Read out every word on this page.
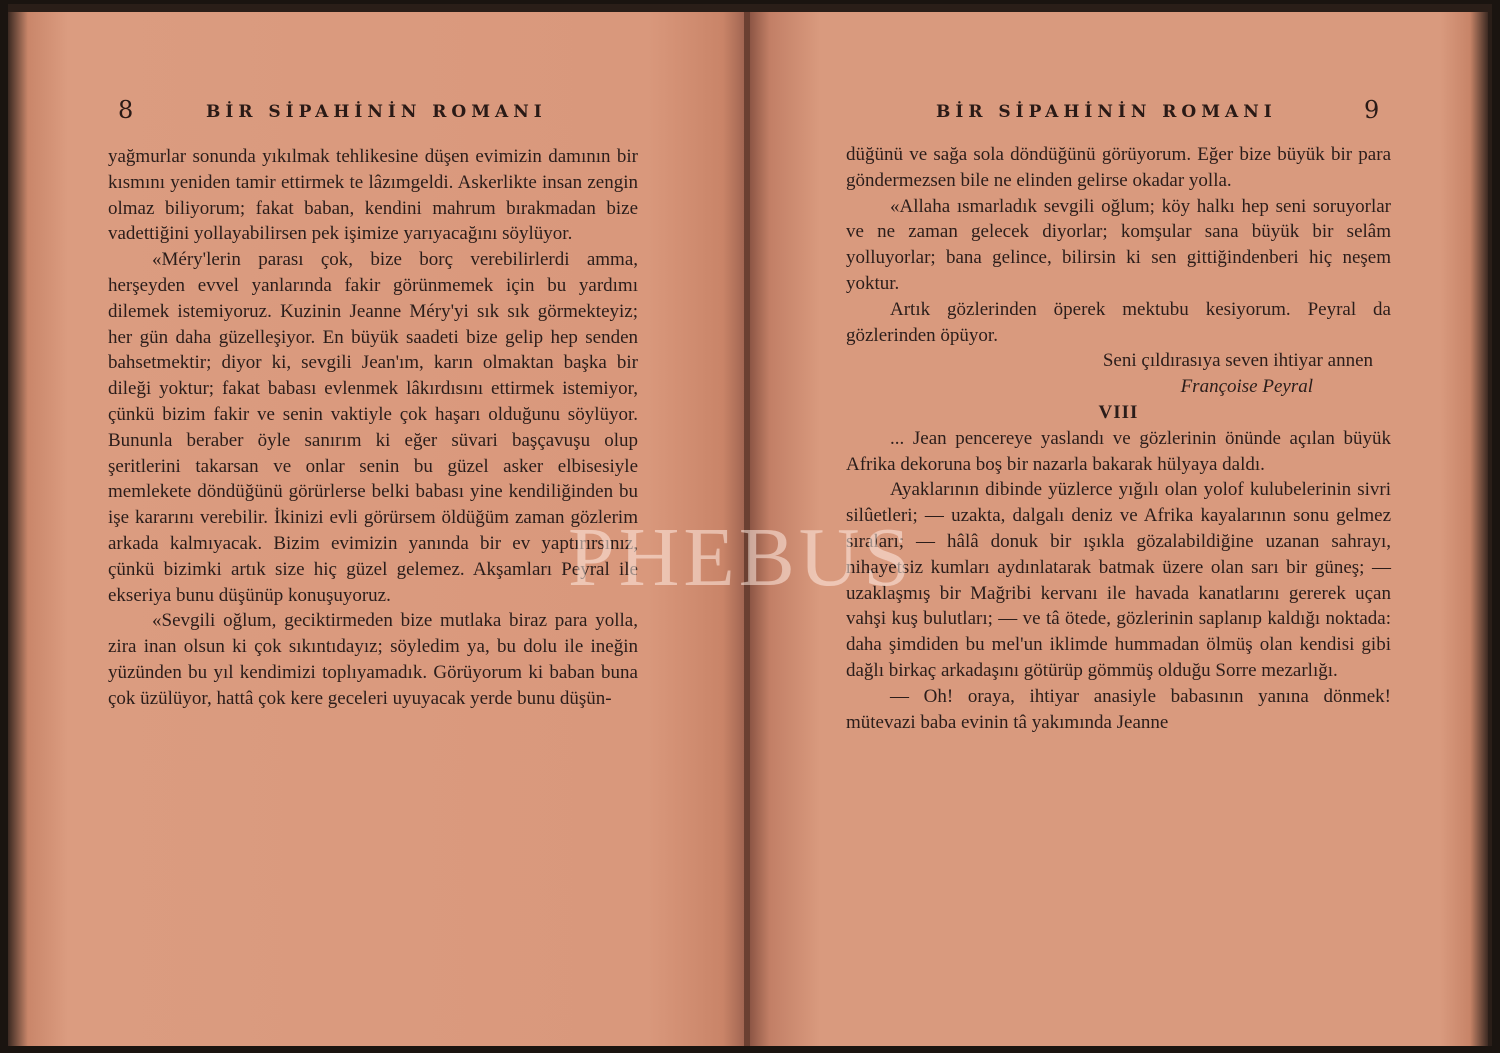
8	BİR SİPAHİNİN ROMANI

yağmurlar sonunda yıkılmak tehlikesine düşen evimizin damının bir kısmını yeniden tamir ettirmek te lâzımgeldi. Askerlikte insan zengin olmaz biliyorum; fakat baban, kendini mahrum bırakmadan bize vadettiğini yollayabilirsen pek işimize yarıyacağını söylüyor.

«Méry'lerin parası çok, bize borç verebilirlerdi amma, herşeyden evvel yanlarında fakir görünmemek için bu yardımı dilemek istemiyoruz. Kuzinin Jeanne Méry'yi sık sık görmekteyiz; her gün daha güzelleşiyor. En büyük saadeti bize gelip hep senden bahsetmektir; diyor ki, sevgili Jean'ım, karın olmaktan başka bir dileği yoktur; fakat babası evlenmek lâkırdısını ettirmek istemiyor, çünkü bizim fakir ve senin vaktiyle çok haşarı olduğunu söylüyor. Bununla beraber öyle sanırım ki eğer süvari başçavuşu olup şeritlerini takarsan ve onlar senin bu güzel asker elbisesiyle memlekete döndüğünü görürlerse belki babası yine kendiliğinden bu işe kararını verebilir. İkinizi evli görürsem öldüğüm zaman gözlerim arkada kalmıyacak. Bizim evimizin yanında bir ev yaptırırsınız, çünkü bizimki artık size hiç güzel gelemez. Akşamları Peyral ile ekseriya bunu düşünüp konuşuyoruz.

«Sevgili oğlum, geciktirmeden bize mutlaka biraz para yolla, zira inan olsun ki çok sıkıntıdayız; söyledim ya, bu dolu ile ineğin yüzünden bu yıl kendimizi toplıyamadık. Görüyorum ki baban buna çok üzülüyor, hattâ çok kere geceleri uyuyacak yerde bunu düşün-

BİR SİPAHİNİN ROMANI	9

düğünü ve sağa sola döndüğünü görüyorum. Eğer bize büyük bir para göndermezsen bile ne elinden gelirse okadar yolla.

«Allaha ısmarladık sevgili oğlum; köy halkı hep seni soruyorlar ve ne zaman gelecek diyorlar; komşular sana büyük bir selâm yolluyorlar; bana gelince, bilirsin ki sen gittiğindenberi hiç neşem yoktur.

Artık gözlerinden öperek mektubu kesiyorum. Peyral da gözlerinden öpüyor.

Seni çıldırasıya seven ihtiyar annen

Françoise Peyral

VIII

... Jean pencereye yaslandı ve gözlerinin önünde açılan büyük Afrika dekoruna boş bir nazarla bakarak hülyaya daldı.

Ayaklarının dibinde yüzlerce yığılı olan yolof kulubelerinin sivri silûetleri; — uzakta, dalgalı deniz ve Afrika kayalarının sonu gelmez sıraları; — hâlâ donuk bir ışıkla gözalabildiğine uzanan sahrayı, nihayetsiz kumları aydınlatarak batmak üzere olan sarı bir güneş; — uzaklaşmış bir Mağribi kervanı ile havada kanatlarını gererek uçan vahşi kuş bulutları; — ve tâ ötede, gözlerinin saplanıp kaldığı noktada: daha şimdiden bu mel'un iklimde hummadan ölmüş olan kendisi gibi dağlı birkaç arkadaşını götürüp gömmüş olduğu Sorre mezarlığı.

— Oh! oraya, ihtiyar anasiyle babasının yanına dönmek! mütevazi baba evinin tâ yakımında Jeanne

PHEBUS
